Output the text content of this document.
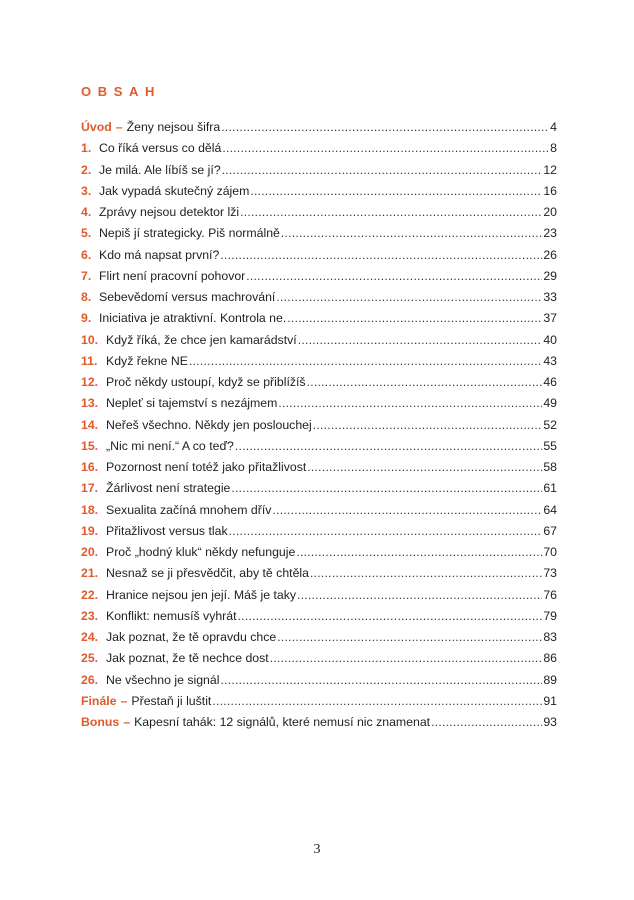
OBSAH
Úvod – Ženy nejsou šifra .....	4
1. Co říká versus co dělá .....	8
2. Je milá. Ale líbíš se jí? .....	12
3. Jak vypadá skutečný zájem .....	16
4. Zprávy nejsou detektor lži .....	20
5. Nepiš jí strategicky. Piš normálně .....	23
6. Kdo má napsat první? .....	26
7. Flirt není pracovní pohovor .....	29
8. Sebevědomí versus machrování .....	33
9. Iniciativa je atraktivní. Kontrola ne. .....	37
10. Když říká, že chce jen kamarádství .....	40
11. Když řekne NE .....	43
12. Proč někdy ustoupí, když se přiblížíš .....	46
13. Nepleť si tajemství s nezájmem .....	49
14. Neřeš všechno. Někdy jen poslouchej .....	52
15. „Nic mi není.“ A co teď? .....	55
16. Pozornost není totéž jako přitažlivost .....	58
17. Žárlivost není strategie .....	61
18. Sexualita začíná mnohem dřív .....	64
19. Přitažlivost versus tlak .....	67
20. Proč „hodný kluk“ někdy nefunguje .....	70
21. Nesnaž se ji přesvědčit, aby tě chtěla .....	73
22. Hranice nejsou jen její. Máš je taky .....	76
23. Konflikt: nemusíš vyhrát .....	79
24. Jak poznat, že tě opravdu chce .....	83
25. Jak poznat, že tě nechce dost .....	86
26. Ne všechno je signál .....	89
Finále – Přestaň ji luštit .....	91
Bonus – Kapesní tahák: 12 signálů, které nemusí nic znamenat .....	93
3
